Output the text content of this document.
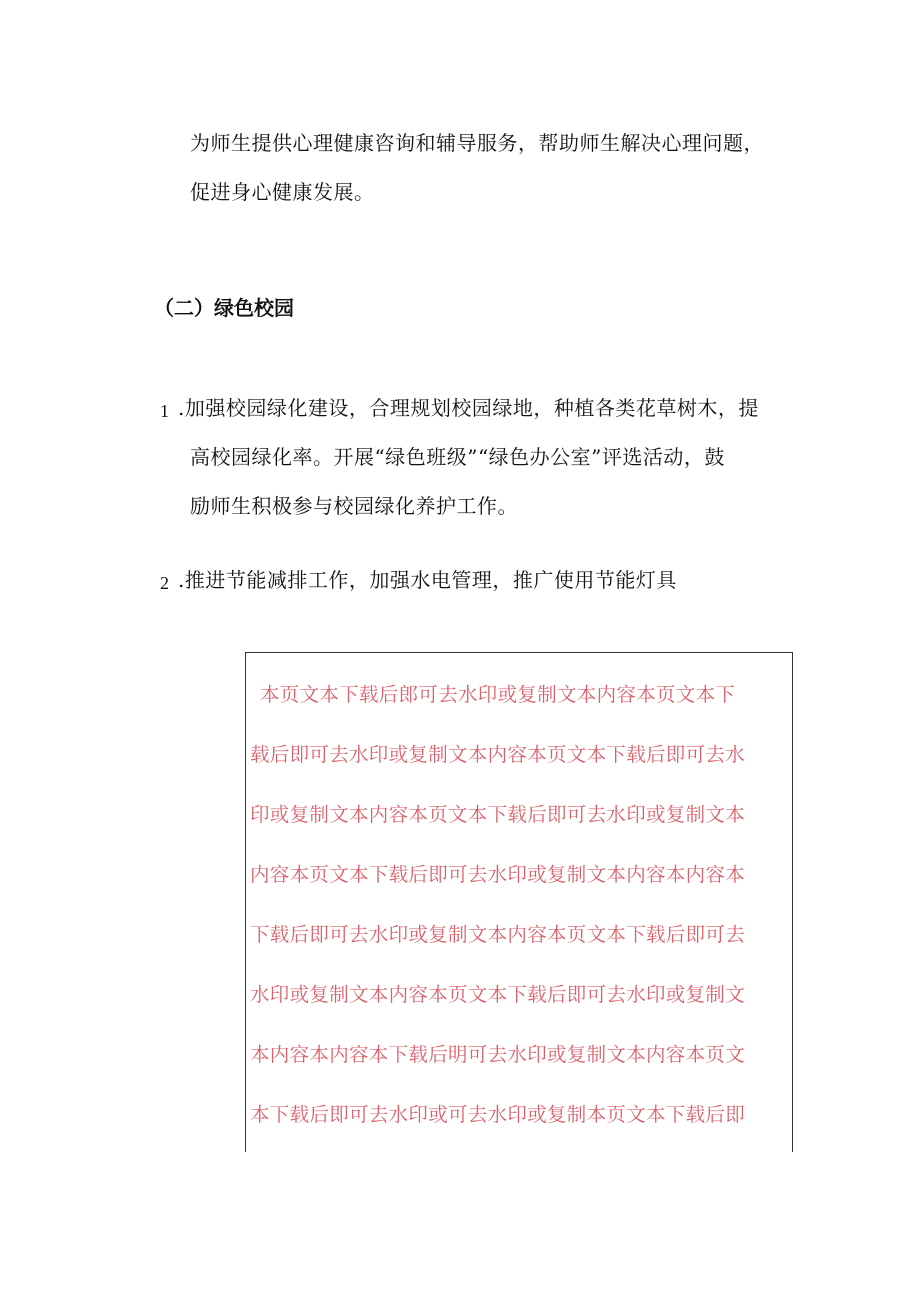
为师生提供心理健康咨询和辅导服务，帮助师生解决心理问题，
促进身心健康发展。
（二）绿色校园
1 .加强校园绿化建设，合理规划校园绿地，种植各类花草树木，提
高校园绿化率。开展“绿色班级”“绿色办公室”评选活动，鼓
励师生积极参与校园绿化养护工作。
2 .推进节能减排工作，加强水电管理，推广使用节能灯具
本页文本下载后郎可去水印或复制文本内容本页文本下
载后即可去水印或复制文本内容本页文本下载后即可去水
印或复制文本内容本页文本下载后即可去水印或复制文本
内容本页文本下载后即可去水印或复制文本内容本内容本
下载后即可去水印或复制文本内容本页文本下载后即可去
水印或复制文本内容本页文本下载后即可去水印或复制文
本内容本内容本下载后明可去水印或复制文本内容本页文
本下载后即可去水印或可去水印或复制本页文本下载后即
